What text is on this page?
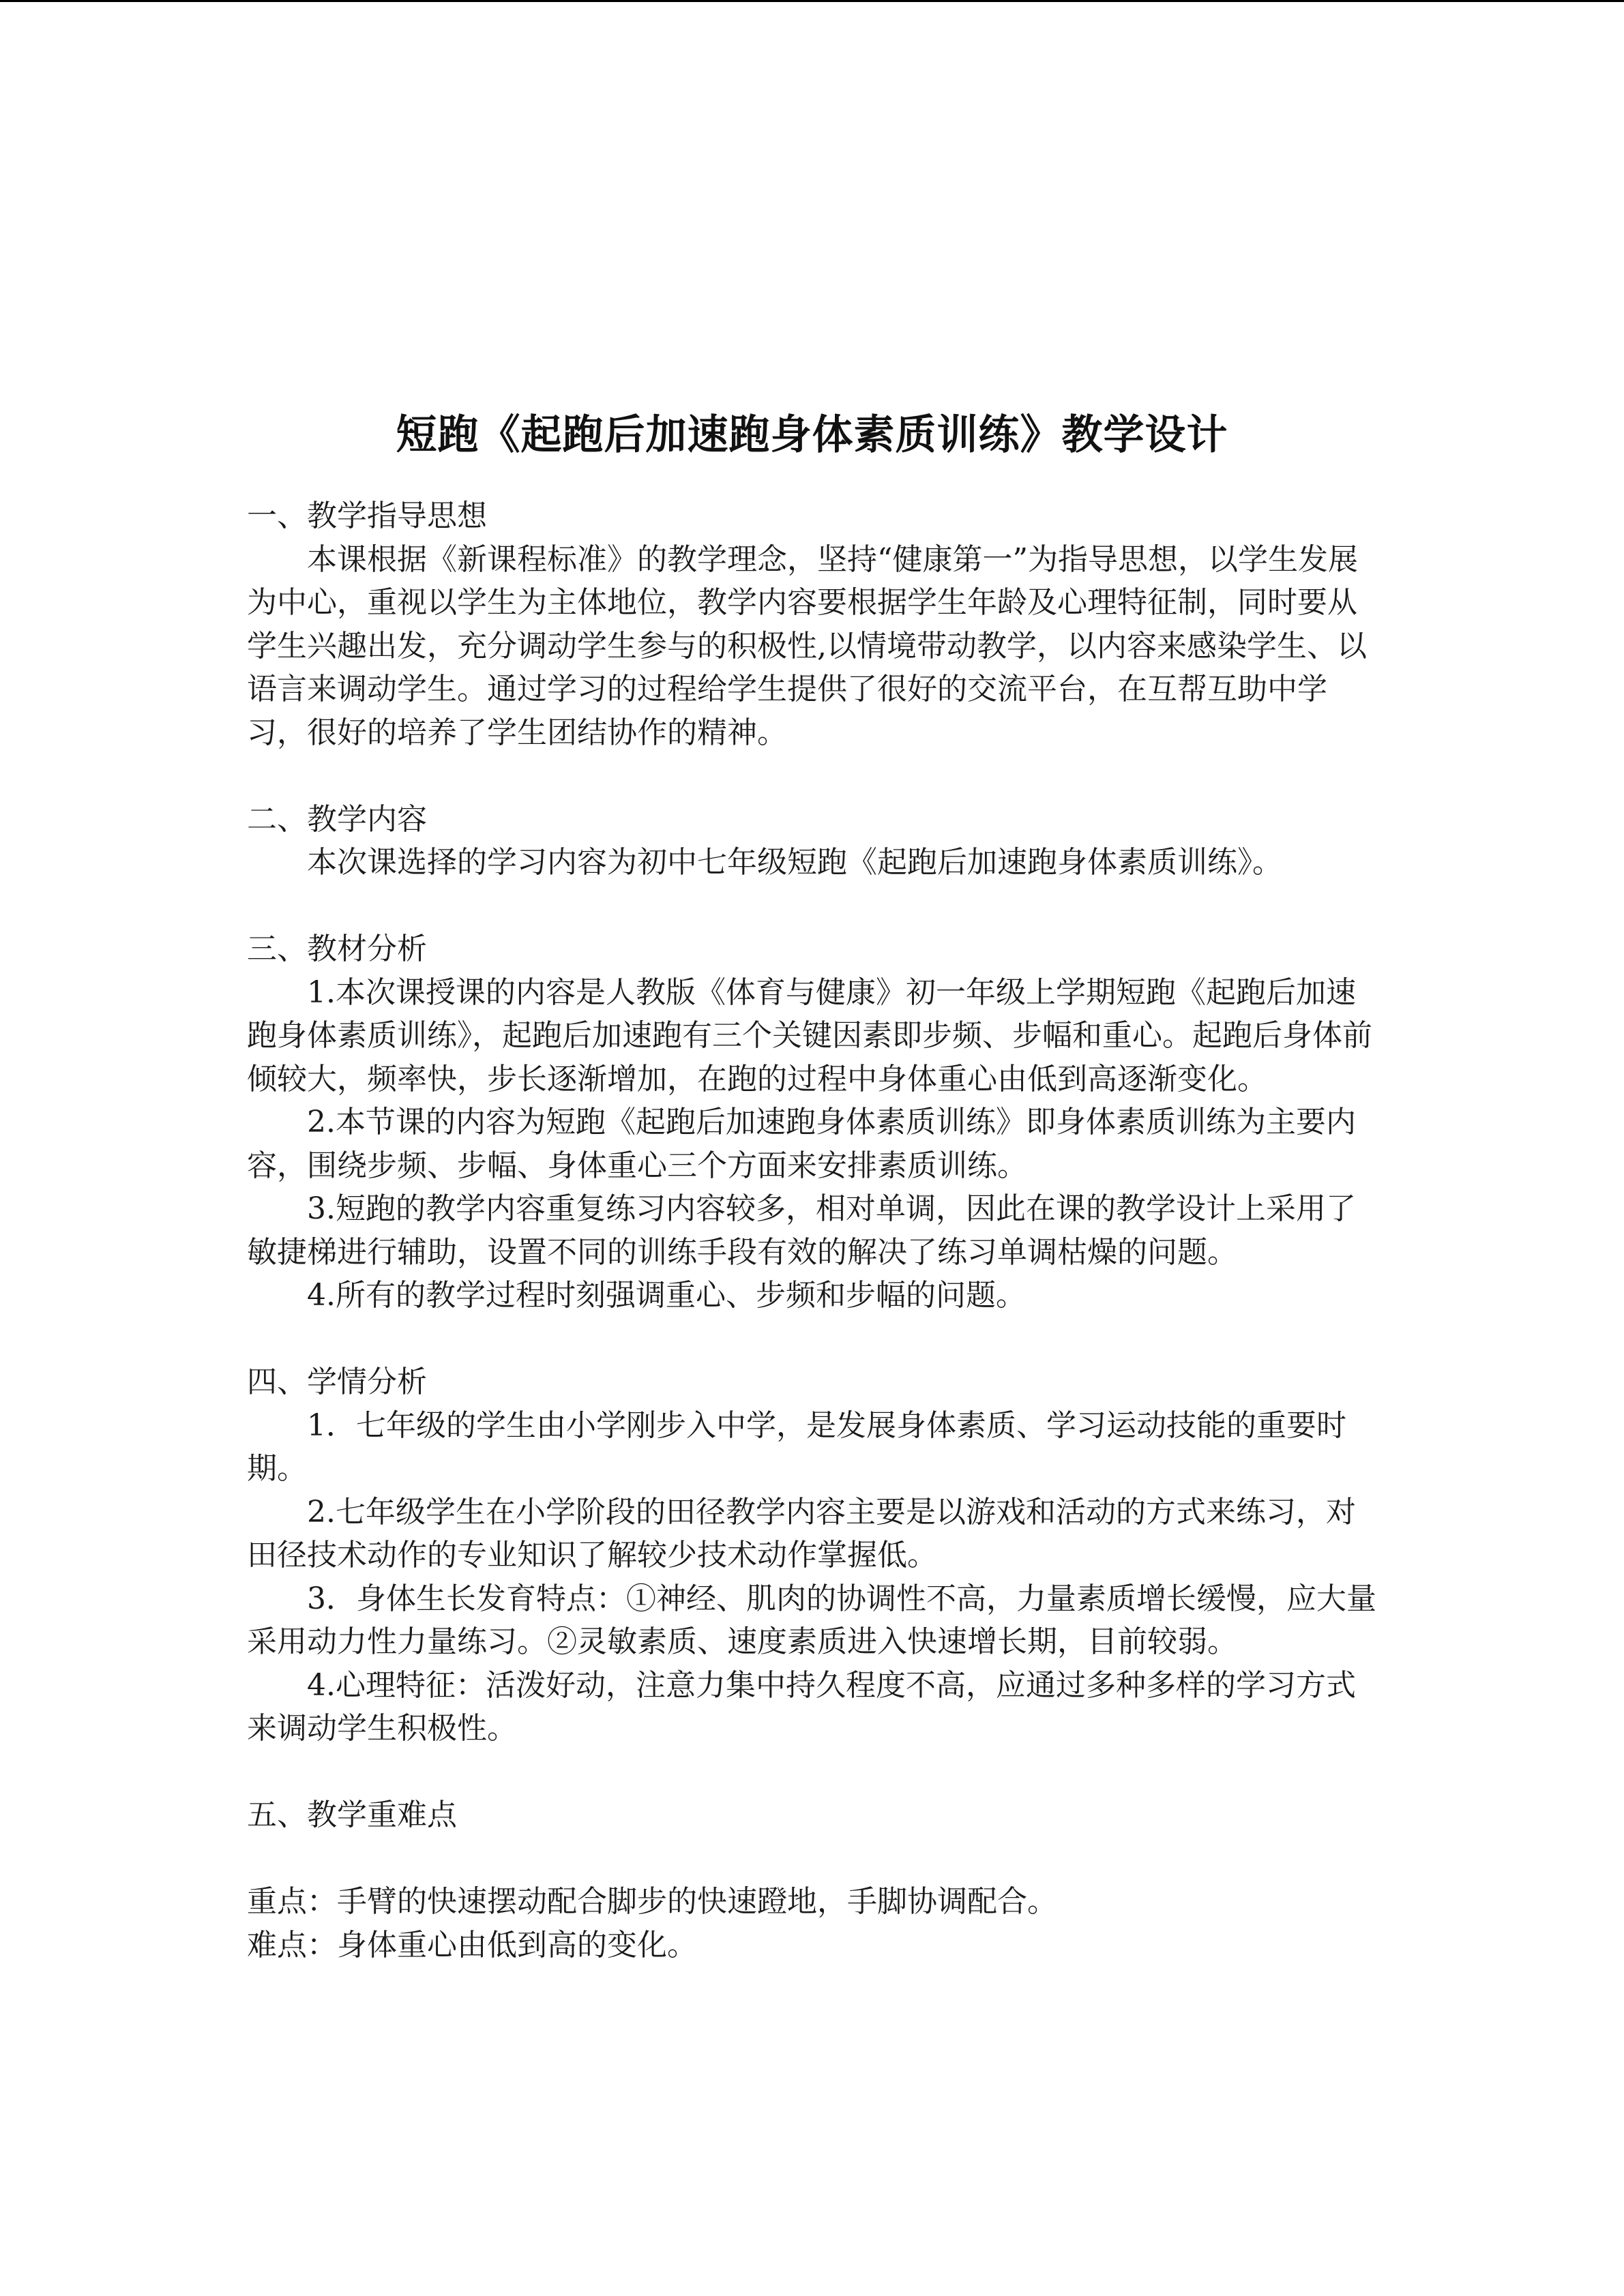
短跑《起跑后加速跑身体素质训练》教学设计

一、教学指导思想

本课根据《新课程标准》的教学理念，坚持“健康第一”为指导思想，以学生发展为中心，重视以学生为主体地位，教学内容要根据学生年龄及心理特征制，同时要从学生兴趣出发，充分调动学生参与的积极性,以情境带动教学，以内容来感染学生、以语言来调动学生。通过学习的过程给学生提供了很好的交流平台，在互帮互助中学习，很好的培养了学生团结协作的精神。

二、教学内容

本次课选择的学习内容为初中七年级短跑《起跑后加速跑身体素质训练》。

三、教材分析

1.本次课授课的内容是人教版《体育与健康》初一年级上学期短跑《起跑后加速跑身体素质训练》，起跑后加速跑有三个关键因素即步频、步幅和重心。起跑后身体前倾较大，频率快，步长逐渐增加，在跑的过程中身体重心由低到高逐渐变化。

2.本节课的内容为短跑《起跑后加速跑身体素质训练》即身体素质训练为主要内容，围绕步频、步幅、身体重心三个方面来安排素质训练。

3.短跑的教学内容重复练习内容较多，相对单调，因此在课的教学设计上采用了敏捷梯进行辅助，设置不同的训练手段有效的解决了练习单调枯燥的问题。

4.所有的教学过程时刻强调重心、步频和步幅的问题。

四、学情分析

1．七年级的学生由小学刚步入中学，是发展身体素质、学习运动技能的重要时期。

2.七年级学生在小学阶段的田径教学内容主要是以游戏和活动的方式来练习，对田径技术动作的专业知识了解较少技术动作掌握低。

3．身体生长发育特点：①神经、肌肉的协调性不高，力量素质增长缓慢，应大量采用动力性力量练习。②灵敏素质、速度素质进入快速增长期，目前较弱。

4.心理特征：活泼好动，注意力集中持久程度不高，应通过多种多样的学习方式来调动学生积极性。

五、教学重难点

重点：手臂的快速摆动配合脚步的快速蹬地，手脚协调配合。

难点：身体重心由低到高的变化。
